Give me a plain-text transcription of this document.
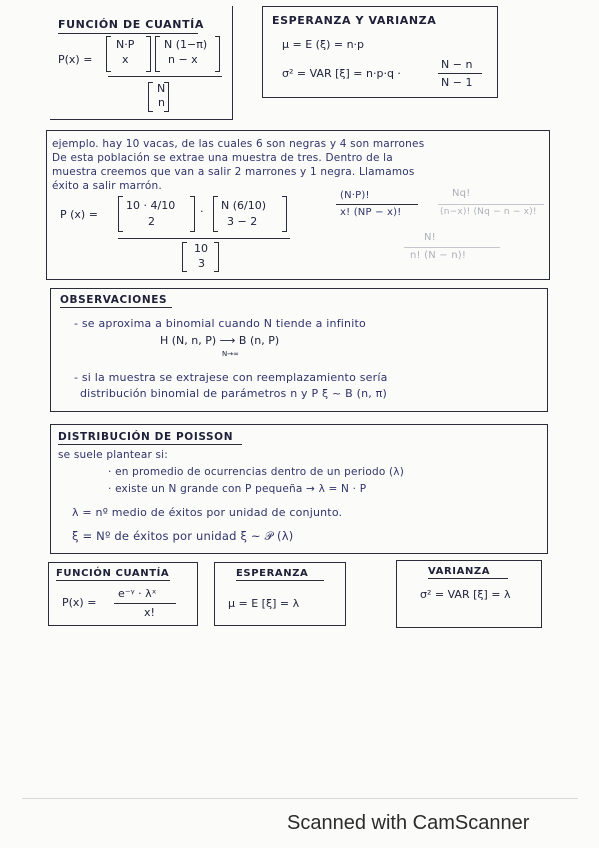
FUNCIÓN DE CUANTÍA
P(x) =
N·P
x
N (1−π)
n − x
N
n
ESPERANZA Y VARIANZA
μ = E (ξ) = n·p
σ² = VAR [ξ] = n·p·q ·
N − n
N − 1
ejemplo. hay 10 vacas, de las cuales 6 son negras y 4 son marrones
De esta población se extrae una muestra de tres. Dentro de la
muestra creemos que van a salir 2 marrones y 1 negra. Llamamos
éxito a salir marrón.
P (x) =
10 · 4/10
2
· N (6/10)
3 − 2
10
3
(N·P)!
x! (NP − x)!
Nq!
(n−x)! (Nq − n − x)!
N!
n! (N − n)!
OBSERVACIONES
- se aproxima a binomial cuando N tiende a infinito
H (N, n, P) ⟶ B (n, P)
N→∞
- si la muestra se extrajese con reemplazamiento sería
distribución binomial de parámetros n y P ξ ~ B (n, π)
DISTRIBUCIÓN DE POISSON
se suele plantear si:
· en promedio de ocurrencias dentro de un periodo (λ)
· existe un N grande con P pequeña → λ = N · P
λ = nº medio de éxitos por unidad de conjunto.
ξ = Nº de éxitos por unidad ξ ~ 𝒫 (λ)
FUNCIÓN CUANTÍA
P(x) =
e⁻ᵞ · λˣ
x!
ESPERANZA
μ = E [ξ] = λ
VARIANZA
σ² = VAR [ξ] = λ
Scanned with CamScanner
